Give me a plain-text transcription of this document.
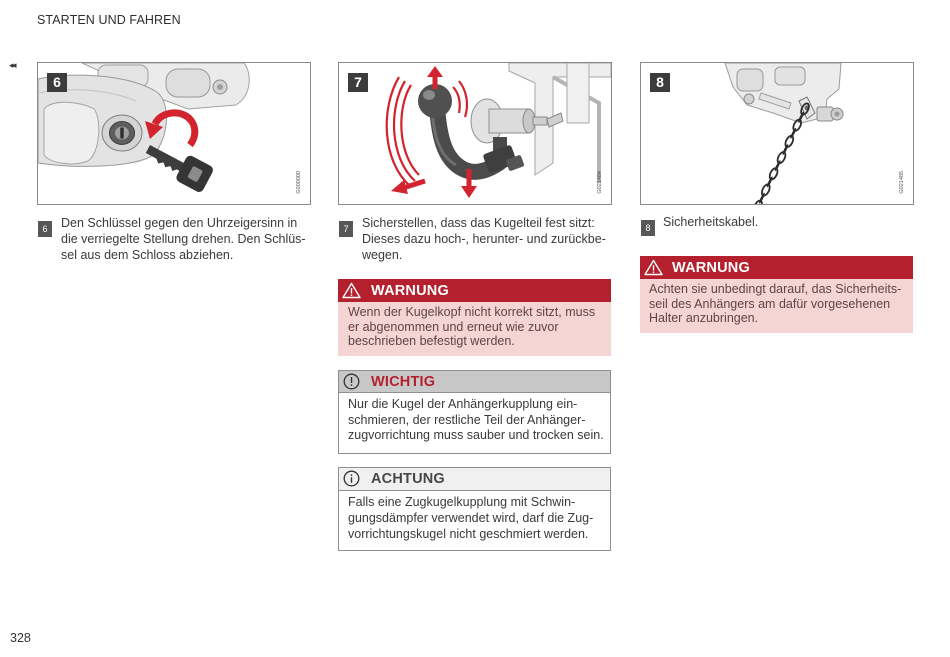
STARTEN UND FAHREN
◂◂
6
G000000
7
G021484
8
G021485
6	Den Schlüssel gegen den Uhrzeigersinn in
die verriegelte Stellung drehen. Den Schlüs-
sel aus dem Schloss abziehen.
7	Sicherstellen, dass das Kugelteil fest sitzt:
Dieses dazu hoch-, herunter- und zurückbe-
wegen.
8	Sicherheitskabel.
WARNUNG
Wenn der Kugelkopf nicht korrekt sitzt, muss
er abgenommen und erneut wie zuvor
beschrieben befestigt werden.
WICHTIG
Nur die Kugel der Anhängerkupplung ein-
schmieren, der restliche Teil der Anhänger-
zugvorrichtung muss sauber und trocken sein.
ACHTUNG
Falls eine Zugkugelkupplung mit Schwin-
gungsdämpfer verwendet wird, darf die Zug-
vorrichtungskugel nicht geschmiert werden.
WARNUNG
Achten sie unbedingt darauf, das Sicherheits-
seil des Anhängers am dafür vorgesehenen
Halter anzubringen.
328
